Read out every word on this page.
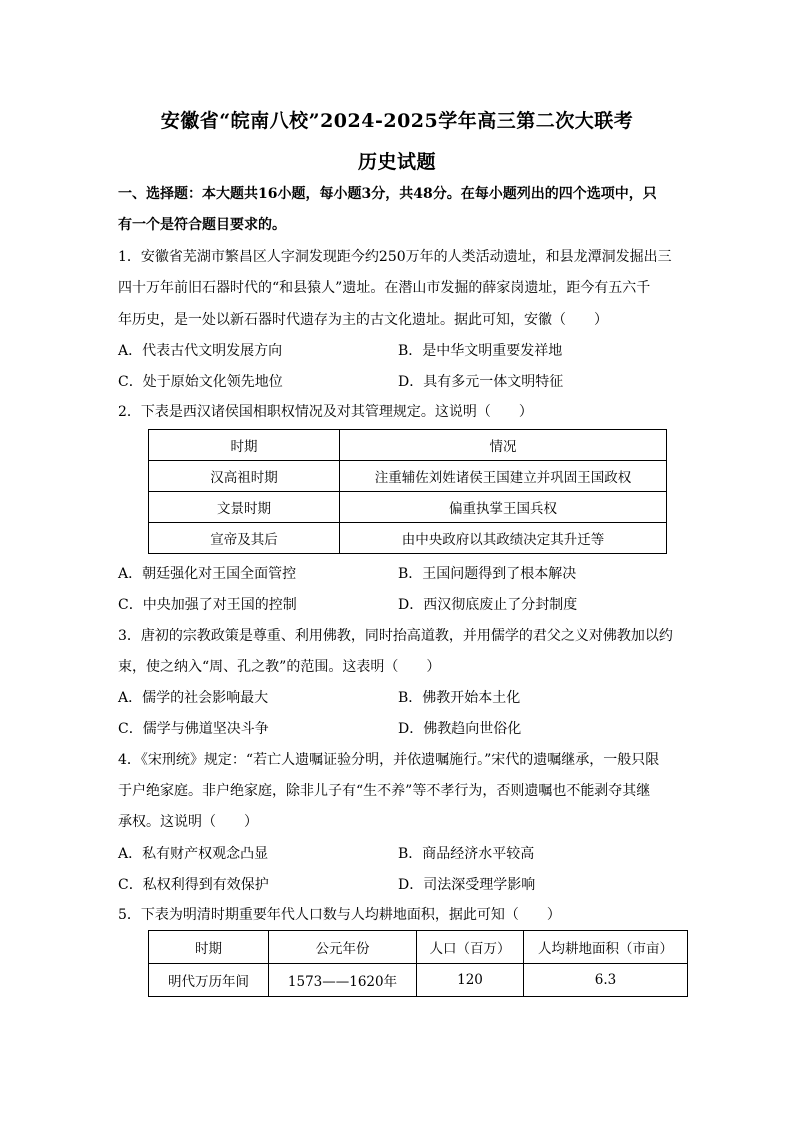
安徽省“皖南八校”2024-2025学年高三第二次大联考
历史试题
一、选择题：本大题共16小题，每小题3分，共48分。在每小题列出的四个选项中，只
有一个是符合题目要求的。
1．安徽省芜湖市繁昌区人字洞发现距今约250万年的人类活动遗址，和县龙潭洞发掘出三
四十万年前旧石器时代的“和县猿人”遗址。在潜山市发掘的薛家岗遗址，距今有五六千
年历史，是一处以新石器时代遗存为主的古文化遗址。据此可知，安徽（　　）
A．代表古代文明发展方向	B．是中华文明重要发祥地
C．处于原始文化领先地位	D．具有多元一体文明特征
2．下表是西汉诸侯国相职权情况及对其管理规定。这说明（　　）
时期	情况
汉高祖时期	注重辅佐刘姓诸侯王国建立并巩固王国政权
文景时期	偏重执掌王国兵权
宣帝及其后	由中央政府以其政绩决定其升迁等
A．朝廷强化对王国全面管控	B．王国问题得到了根本解决
C．中央加强了对王国的控制	D．西汉彻底废止了分封制度
3．唐初的宗教政策是尊重、利用佛教，同时抬高道教，并用儒学的君父之义对佛教加以约
束，使之纳入“周、孔之教”的范围。这表明（　　）
A．儒学的社会影响最大	B．佛教开始本土化
C．儒学与佛道坚决斗争	D．佛教趋向世俗化
4．《宋刑统》规定：“若亡人遗嘱证验分明，并依遗嘱施行。”宋代的遗嘱继承，一般只限
于户绝家庭。非户绝家庭，除非儿子有“生不养”等不孝行为，否则遗嘱也不能剥夺其继
承权。这说明（　　）
A．私有财产权观念凸显	B．商品经济水平较高
C．私权利得到有效保护	D．司法深受理学影响
5．下表为明清时期重要年代人口数与人均耕地面积，据此可知（　　）
时期	公元年份	人口（百万）	人均耕地面积（市亩）
明代万历年间	1573——1620年	120	6.3
